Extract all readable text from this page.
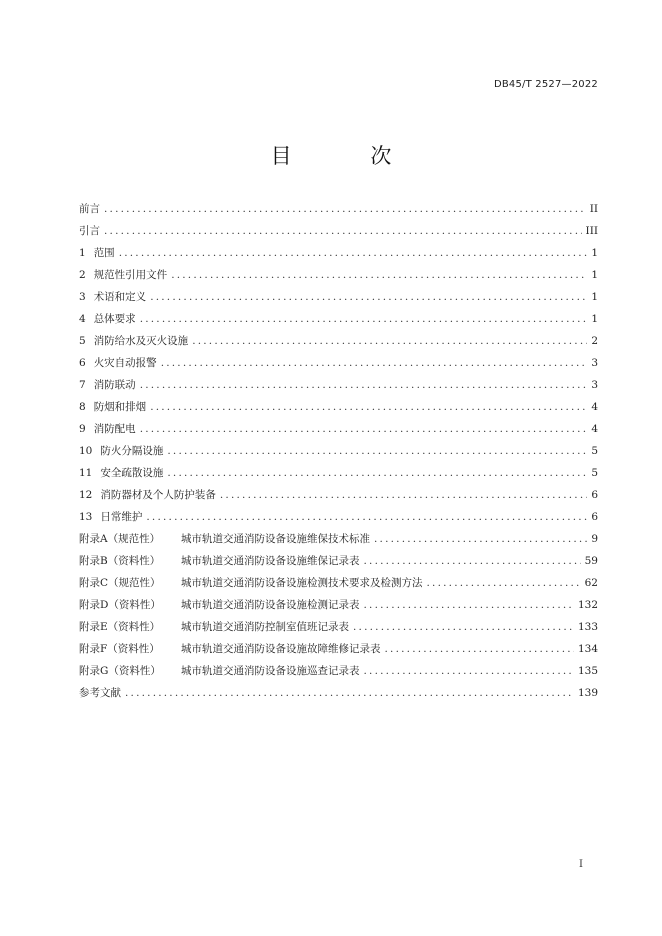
DB45/T 2527—2022
目 次
前言 .....	II
引言 .....	III
1 范围 .....	1
2 规范性引用文件 .....	1
3 术语和定义 .....	1
4 总体要求 .....	1
5 消防给水及灭火设施 .....	2
6 火灾自动报警 .....	3
7 消防联动 .....	3
8 防烟和排烟 .....	4
9 消防配电 .....	4
10 防火分隔设施 .....	5
11 安全疏散设施 .....	5
12 消防器材及个人防护装备 .....	6
13 日常维护 .....	6
附录A（规范性）	城市轨道交通消防设备设施维保技术标准 .....	9
附录B（资料性）	城市轨道交通消防设备设施维保记录表 .....	59
附录C（规范性）	城市轨道交通消防设备设施检测技术要求及检测方法 .....	62
附录D（资料性）	城市轨道交通消防设备设施检测记录表 .....	132
附录E（资料性）	城市轨道交通消防控制室值班记录表 .....	133
附录F（资料性）	城市轨道交通消防设备设施故障维修记录表 .....	134
附录G（资料性）	城市轨道交通消防设备设施巡查记录表 .....	135
参考文献 .....	139
I
